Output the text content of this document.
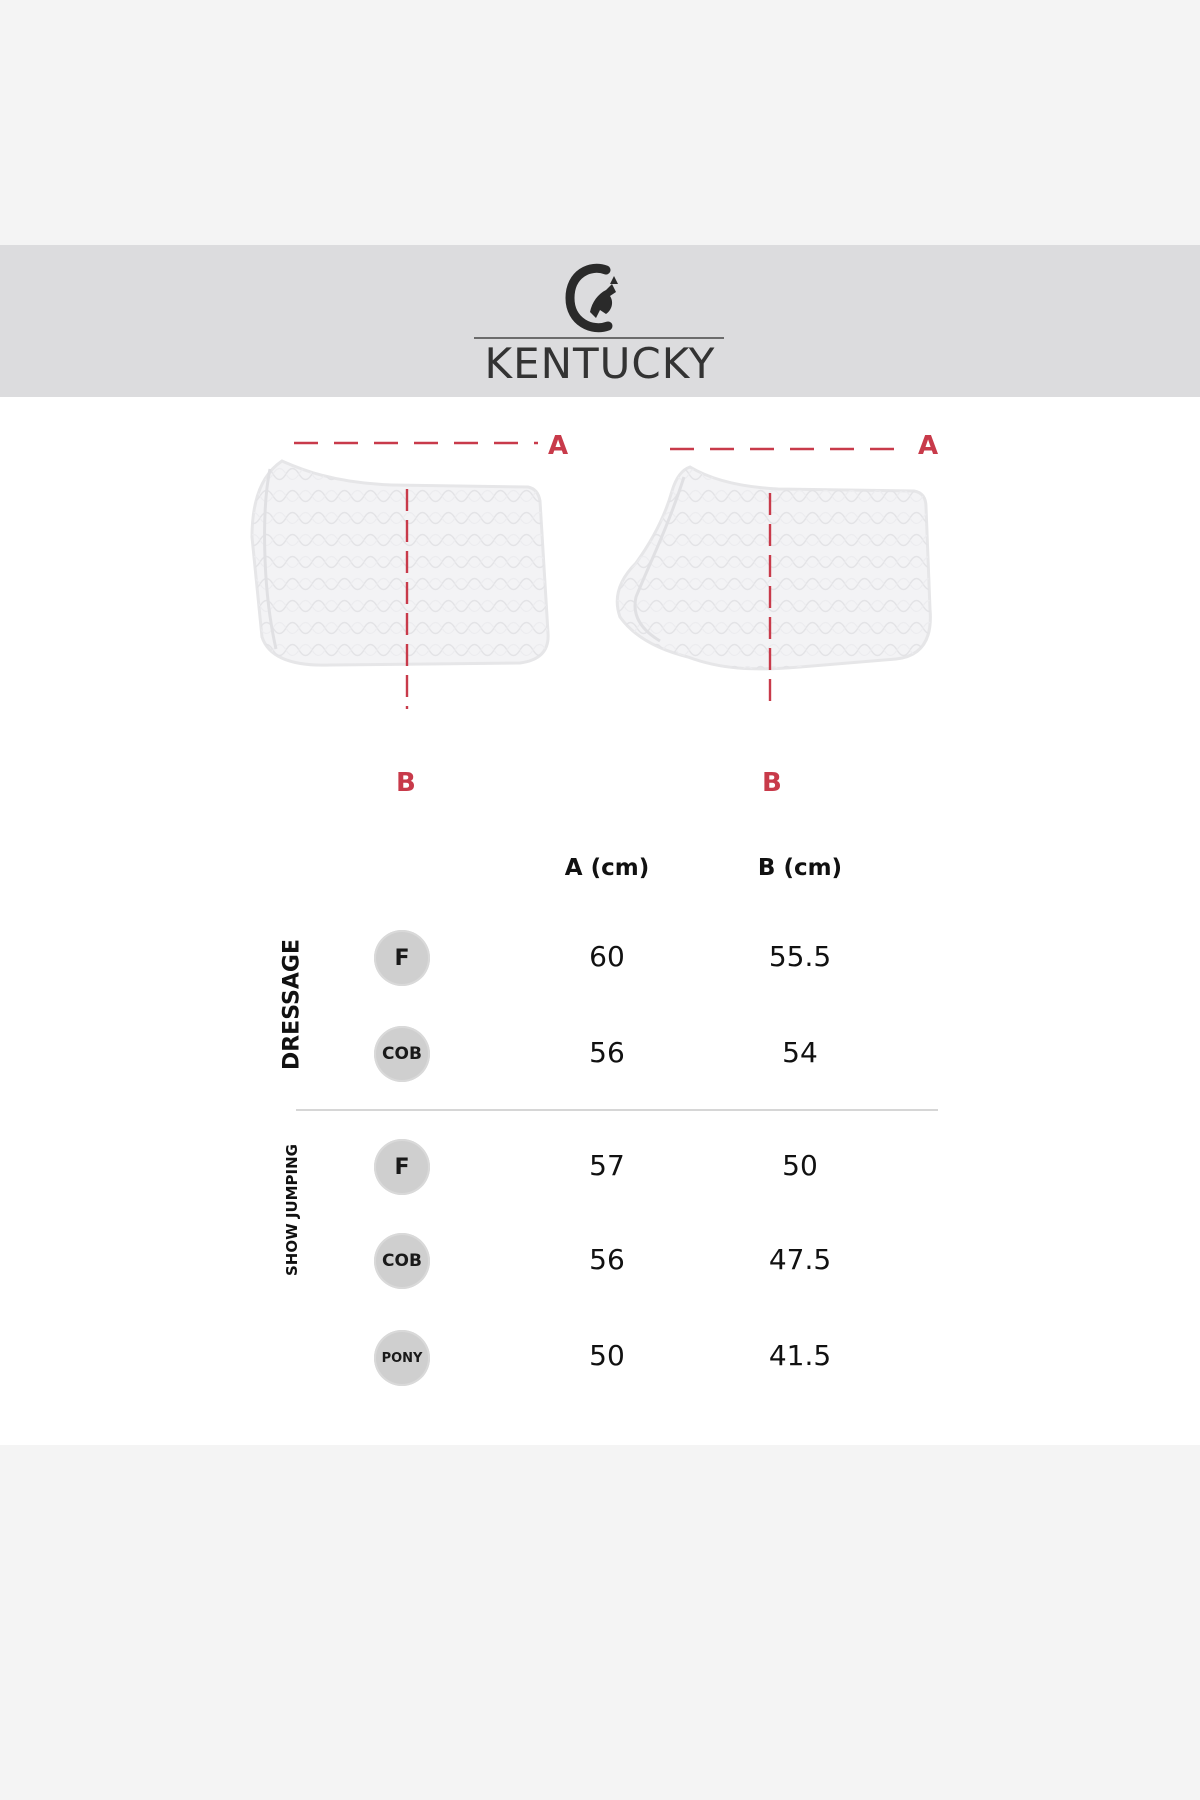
KENTUCKY
A	A
B	B
A (cm)	B (cm)
DRESSAGE
SHOW JUMPING
F	60	55.5
COB	56	54
F	57	50
COB	56	47.5
PONY	50	41.5
